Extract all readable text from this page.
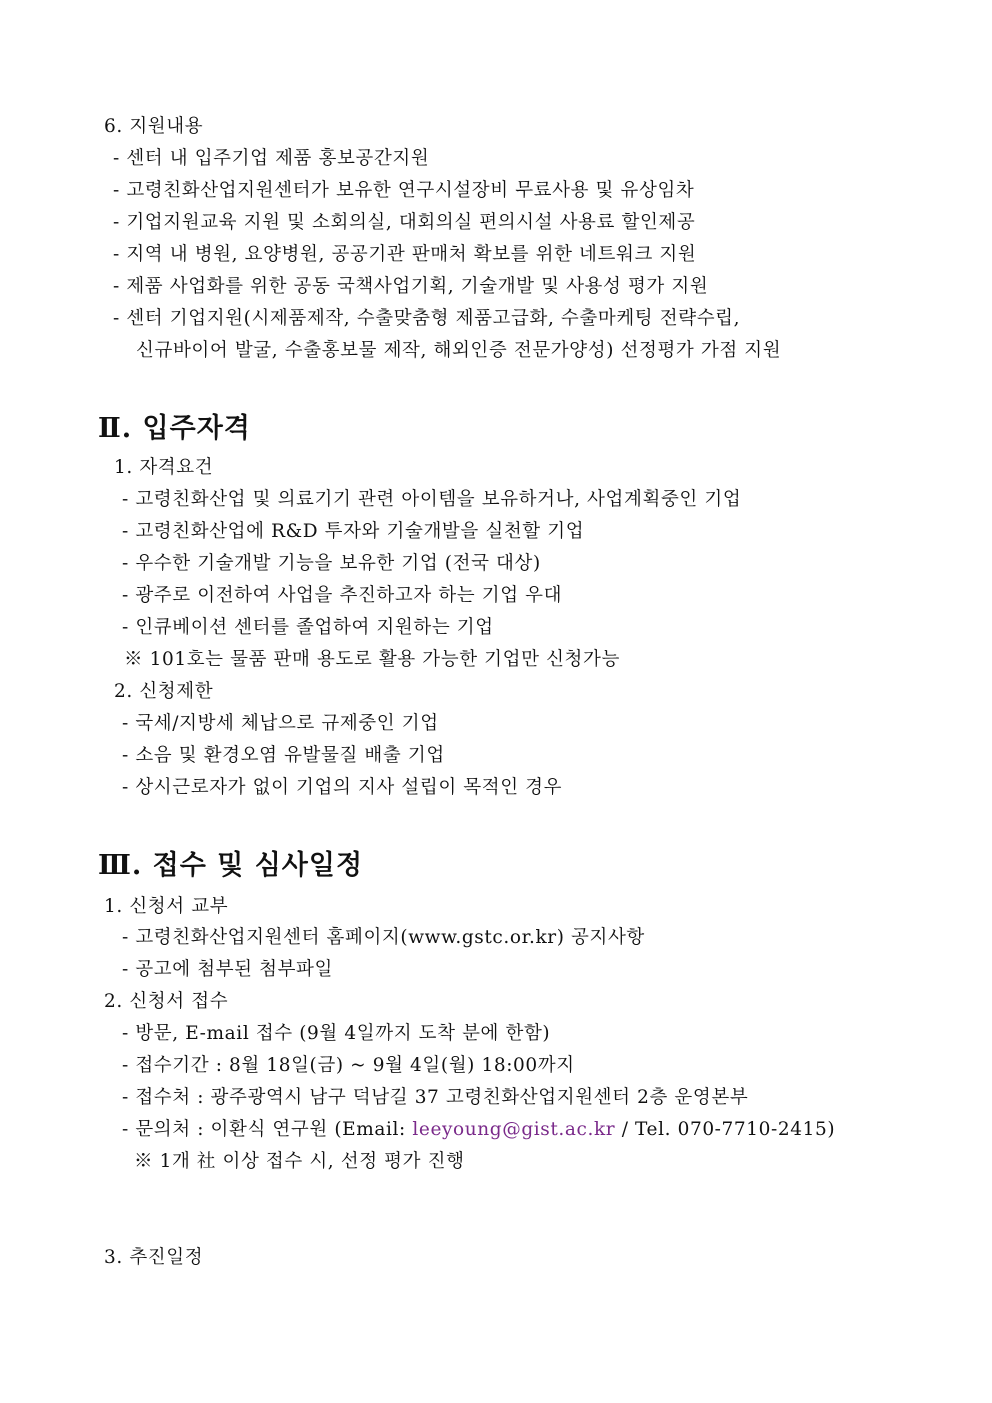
6. 지원내용
- 센터 내 입주기업 제품 홍보공간지원
- 고령친화산업지원센터가 보유한 연구시설장비 무료사용 및 유상임차
- 기업지원교육 지원 및 소회의실, 대회의실 편의시설 사용료 할인제공
- 지역 내 병원, 요양병원, 공공기관 판매처 확보를 위한 네트워크 지원
- 제품 사업화를 위한 공동 국책사업기획, 기술개발 및 사용성 평가 지원
- 센터 기업지원(시제품제작, 수출맞춤형 제품고급화, 수출마케팅 전략수립,
신규바이어 발굴, 수출홍보물 제작, 해외인증 전문가양성) 선정평가 가점 지원
Ⅱ. 입주자격
1. 자격요건
- 고령친화산업 및 의료기기 관련 아이템을 보유하거나, 사업계획중인 기업
- 고령친화산업에 R&D 투자와 기술개발을 실천할 기업
- 우수한 기술개발 기능을 보유한 기업 (전국 대상)
- 광주로 이전하여 사업을 추진하고자 하는 기업 우대
- 인큐베이션 센터를 졸업하여 지원하는 기업
※ 101호는 물품 판매 용도로 활용 가능한 기업만 신청가능
2. 신청제한
- 국세/지방세 체납으로 규제중인 기업
- 소음 및 환경오염 유발물질 배출 기업
- 상시근로자가 없이 기업의 지사 설립이 목적인 경우
Ⅲ. 접수 및 심사일정
1. 신청서 교부
- 고령친화산업지원센터 홈페이지(www.gstc.or.kr) 공지사항
- 공고에 첨부된 첨부파일
2. 신청서 접수
- 방문, E-mail 접수 (9월 4일까지 도착 분에 한함)
- 접수기간 : 8월 18일(금) ~ 9월 4일(월) 18:00까지
- 접수처 : 광주광역시 남구 덕남길 37 고령친화산업지원센터 2층 운영본부
- 문의처 : 이환식 연구원 (Email: leeyoung@gist.ac.kr / Tel. 070-7710-2415)
※ 1개 社 이상 접수 시, 선정 평가 진행
3. 추진일정
